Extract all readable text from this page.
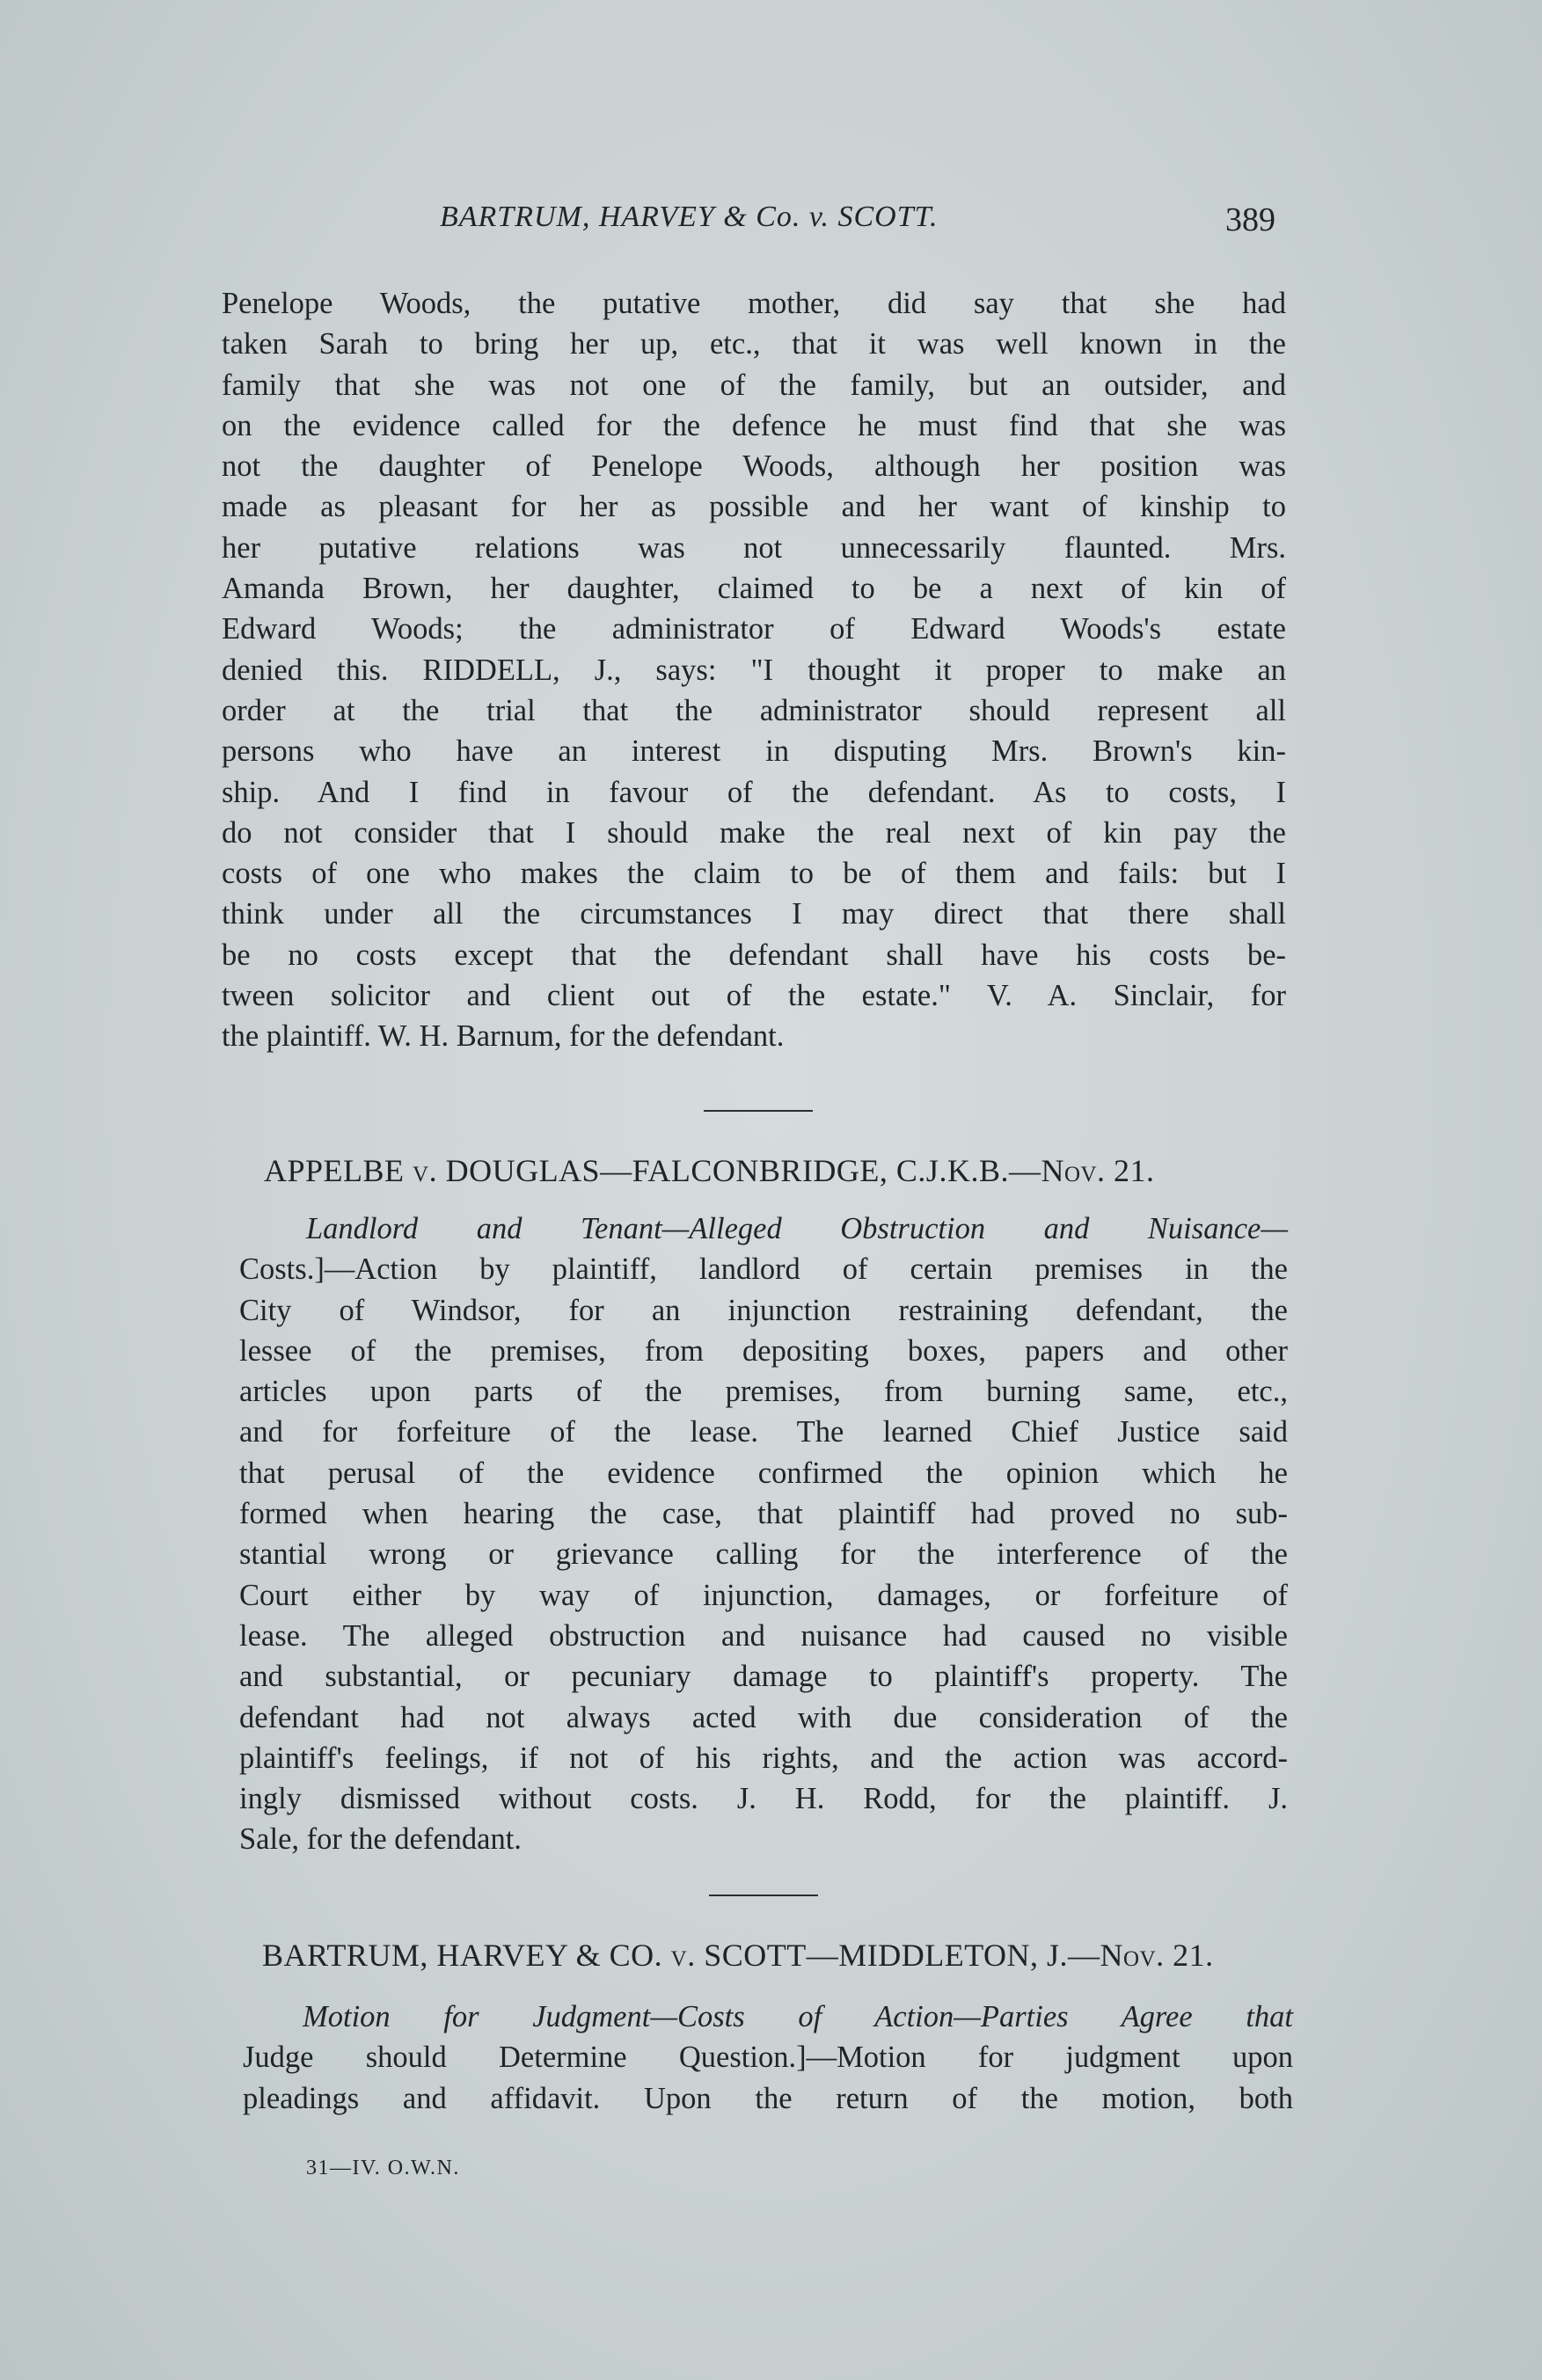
BARTRUM, HARVEY & Co. v. SCOTT.	389

Penelope Woods, the putative mother, did say that she had
taken Sarah to bring her up, etc., that it was well known in the
family that she was not one of the family, but an outsider, and
on the evidence called for the defence he must find that she was
not the daughter of Penelope Woods, although her position was
made as pleasant for her as possible and her want of kinship to
her putative relations was not unnecessarily flaunted. Mrs.
Amanda Brown, her daughter, claimed to be a next of kin of
Edward Woods; the administrator of Edward Woods's estate
denied this. RIDDELL, J., says: "I thought it proper to make an
order at the trial that the administrator should represent all
persons who have an interest in disputing Mrs. Brown's kin-
ship. And I find in favour of the defendant. As to costs, I
do not consider that I should make the real next of kin pay the
costs of one who makes the claim to be of them and fails: but I
think under all the circumstances I may direct that there shall
be no costs except that the defendant shall have his costs be-
tween solicitor and client out of the estate." V. A. Sinclair, for
the plaintiff. W. H. Barnum, for the defendant.

APPELBE v. DOUGLAS—FALCONBRIDGE, C.J.K.B.—Nov. 21.

Landlord and Tenant—Alleged Obstruction and Nuisance—
Costs.]—Action by plaintiff, landlord of certain premises in the
City of Windsor, for an injunction restraining defendant, the
lessee of the premises, from depositing boxes, papers and other
articles upon parts of the premises, from burning same, etc.,
and for forfeiture of the lease. The learned Chief Justice said
that perusal of the evidence confirmed the opinion which he
formed when hearing the case, that plaintiff had proved no sub-
stantial wrong or grievance calling for the interference of the
Court either by way of injunction, damages, or forfeiture of
lease. The alleged obstruction and nuisance had caused no visible
and substantial, or pecuniary damage to plaintiff's property. The
defendant had not always acted with due consideration of the
plaintiff's feelings, if not of his rights, and the action was accord-
ingly dismissed without costs. J. H. Rodd, for the plaintiff. J.
Sale, for the defendant.

BARTRUM, HARVEY & CO. v. SCOTT—MIDDLETON, J.—Nov. 21.

Motion for Judgment—Costs of Action—Parties Agree that
Judge should Determine Question.]—Motion for judgment upon
pleadings and affidavit. Upon the return of the motion, both

31—IV. O.W.N.
